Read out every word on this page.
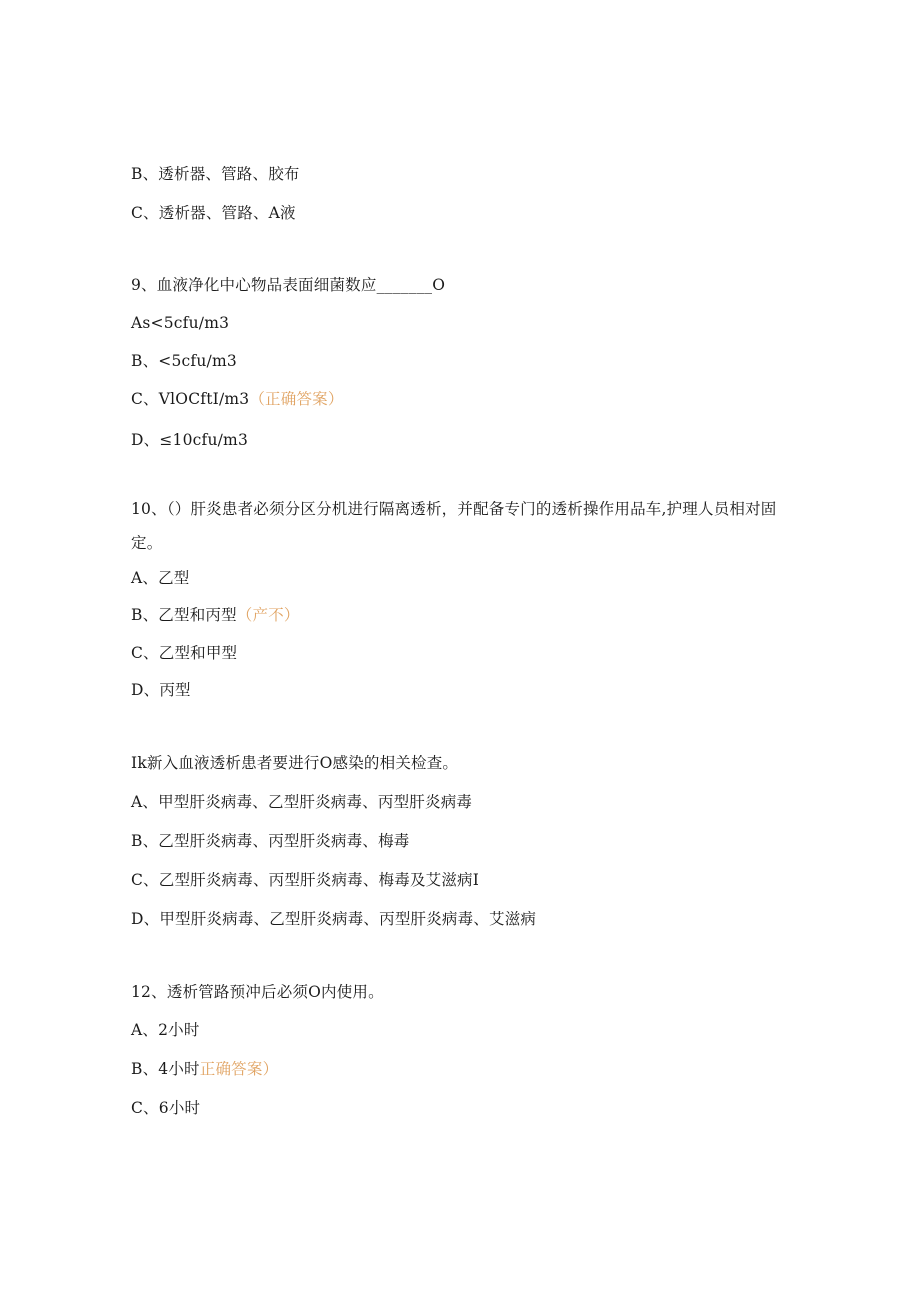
B、透析器、管路、胶布
C、透析器、管路、A液
9、血液净化中心物品表面细菌数应_______O
As<5cfu∕m3
B、<5cfu∕m3
C、VlOCftI∕m3（正确答案）
D、≤10cfu∕m3
10、（）肝炎患者必须分区分机进行隔离透析，并配备专门的透析操作用品车,护理人员相对固定。
A、乙型
B、乙型和丙型（产不）
C、乙型和甲型
D、丙型
Ik新入血液透析患者要进行O感染的相关检查。
A、甲型肝炎病毒、乙型肝炎病毒、丙型肝炎病毒
B、乙型肝炎病毒、丙型肝炎病毒、梅毒
C、乙型肝炎病毒、丙型肝炎病毒、梅毒及艾滋病I
D、甲型肝炎病毒、乙型肝炎病毒、丙型肝炎病毒、艾滋病
12、透析管路预冲后必须O内使用。
A、2小时
B、4小时正确答案）
C、6小时
